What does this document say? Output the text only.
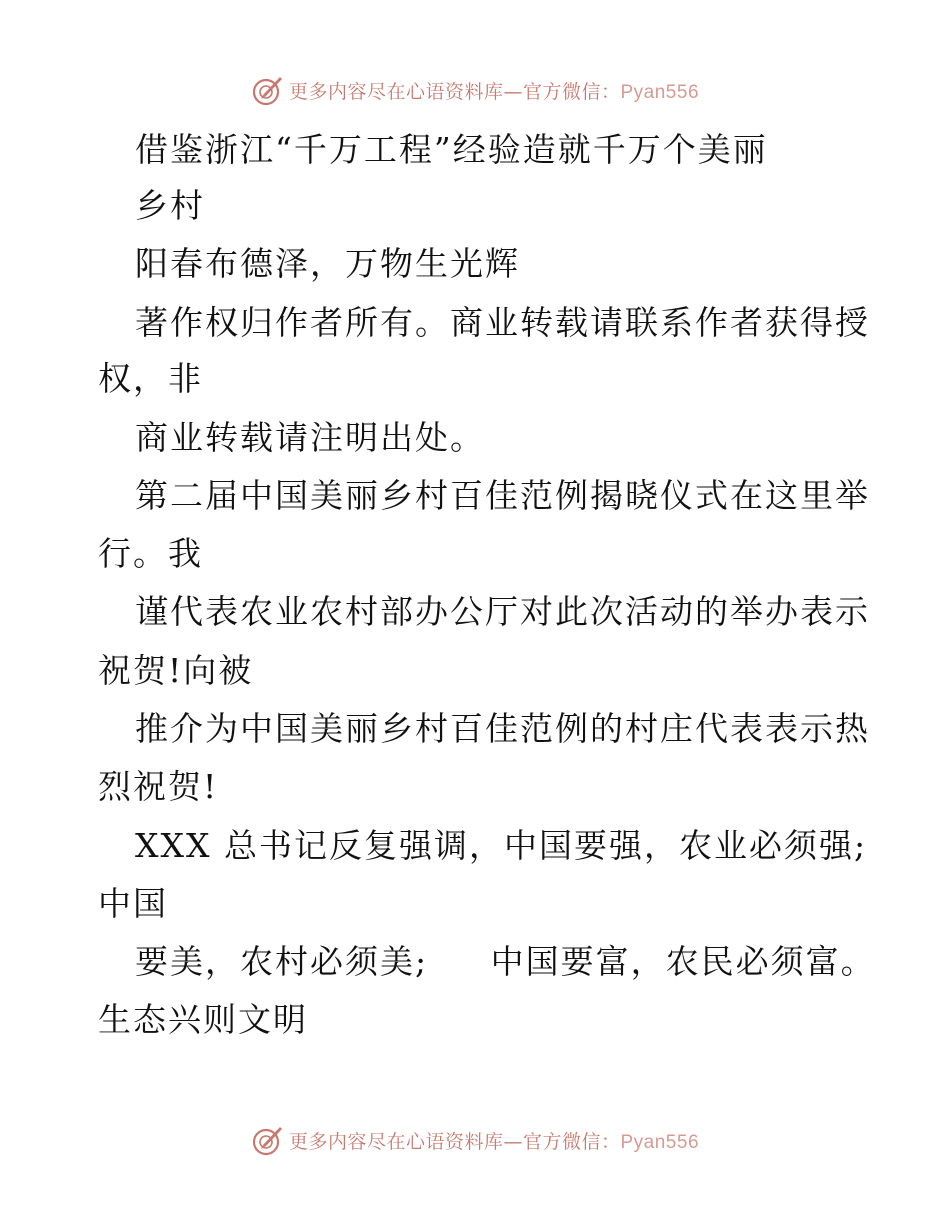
更多内容尽在心语资料库—官方微信：Pyan556
借鉴浙江“千万工程”经验造就千万个美丽
乡村
阳春布德泽，万物生光辉
著作权归作者所有。商业转载请联系作者获得授
权，非
商业转载请注明出处。
第二届中国美丽乡村百佳范例揭晓仪式在这里举
行。我
谨代表农业农村部办公厅对此次活动的举办表示
祝贺!向被
推介为中国美丽乡村百佳范例的村庄代表表示热
烈祝贺!
XXX 总书记反复强调，中国要强，农业必须强;
中国
要美，农村必须美;     中国要富，农民必须富。
生态兴则文明
更多内容尽在心语资料库—官方微信：Pyan556
